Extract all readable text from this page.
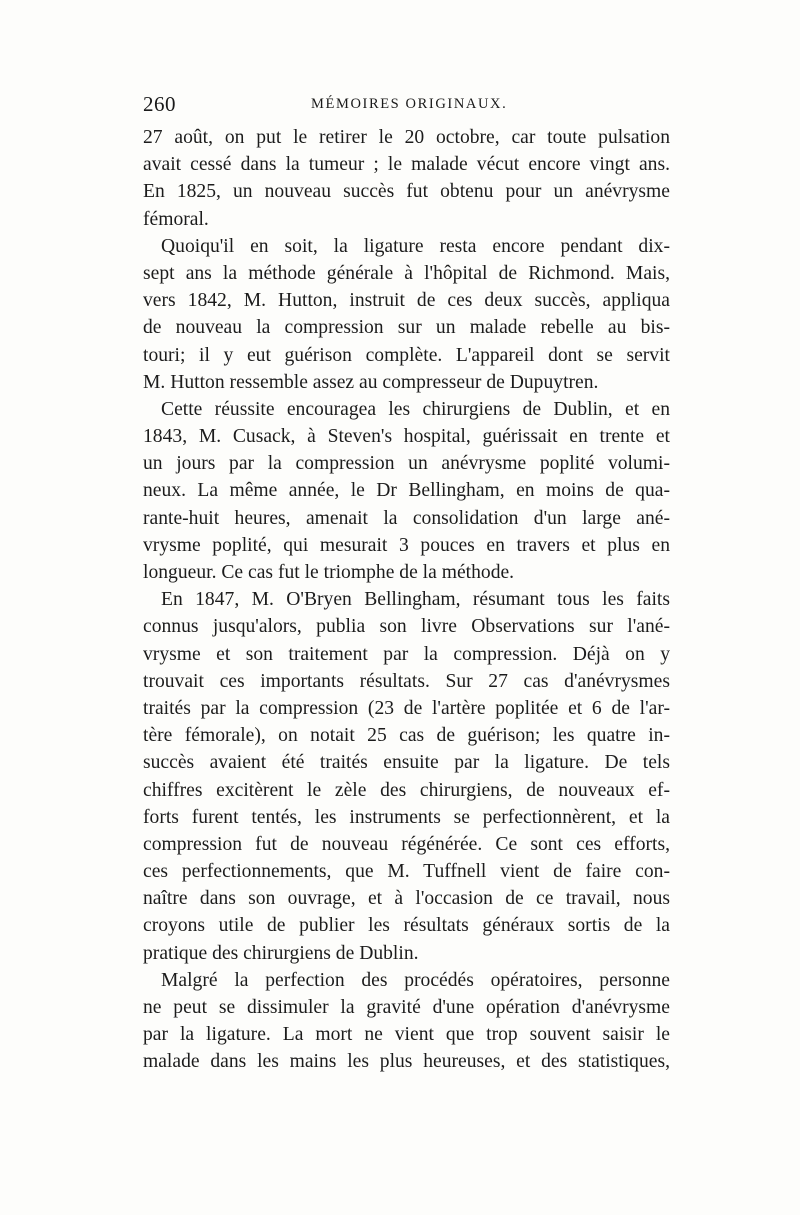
260	MÉMOIRES ORIGINAUX.
27 août, on put le retirer le 20 octobre, car toute pulsation
avait cessé dans la tumeur ; le malade vécut encore vingt ans.
En 1825, un nouveau succès fut obtenu pour un anévrysme
fémoral.
Quoiqu'il en soit, la ligature resta encore pendant dix-
sept ans la méthode générale à l'hôpital de Richmond. Mais,
vers 1842, M. Hutton, instruit de ces deux succès, appliqua
de nouveau la compression sur un malade rebelle au bis-
touri; il y eut guérison complète. L'appareil dont se servit
M. Hutton ressemble assez au compresseur de Dupuytren.
Cette réussite encouragea les chirurgiens de Dublin, et en
1843, M. Cusack, à Steven's hospital, guérissait en trente et
un jours par la compression un anévrysme poplité volumi-
neux. La même année, le Dr Bellingham, en moins de qua-
rante-huit heures, amenait la consolidation d'un large ané-
vrysme poplité, qui mesurait 3 pouces en travers et plus en
longueur. Ce cas fut le triomphe de la méthode.
En 1847, M. O'Bryen Bellingham, résumant tous les faits
connus jusqu'alors, publia son livre Observations sur l'ané-
vrysme et son traitement par la compression. Déjà on y
trouvait ces importants résultats. Sur 27 cas d'anévrysmes
traités par la compression (23 de l'artère poplitée et 6 de l'ar-
tère fémorale), on notait 25 cas de guérison; les quatre in-
succès avaient été traités ensuite par la ligature. De tels
chiffres excitèrent le zèle des chirurgiens, de nouveaux ef-
forts furent tentés, les instruments se perfectionnèrent, et la
compression fut de nouveau régénérée. Ce sont ces efforts,
ces perfectionnements, que M. Tuffnell vient de faire con-
naître dans son ouvrage, et à l'occasion de ce travail, nous
croyons utile de publier les résultats généraux sortis de la
pratique des chirurgiens de Dublin.
Malgré la perfection des procédés opératoires, personne
ne peut se dissimuler la gravité d'une opération d'anévrysme
par la ligature. La mort ne vient que trop souvent saisir le
malade dans les mains les plus heureuses, et des statistiques,
